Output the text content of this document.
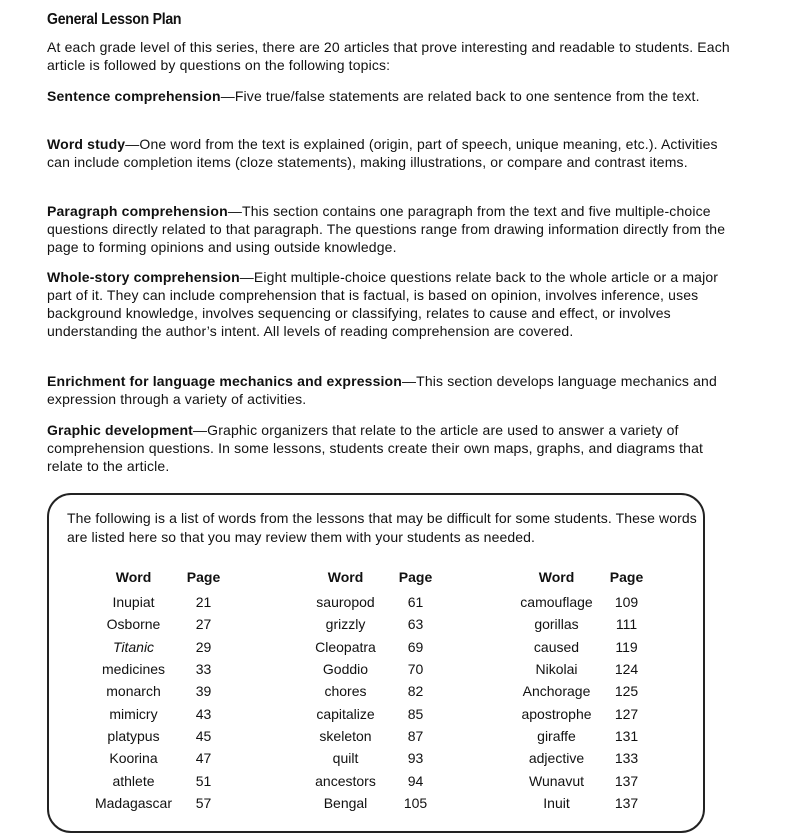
General Lesson Plan
At each grade level of this series, there are 20 articles that prove interesting and readable to students. Each article is followed by questions on the following topics:
Sentence comprehension—Five true/false statements are related back to one sentence from the text.
Word study—One word from the text is explained (origin, part of speech, unique meaning, etc.). Activities can include completion items (cloze statements), making illustrations, or compare and contrast items.
Paragraph comprehension—This section contains one paragraph from the text and five multiple-choice questions directly related to that paragraph. The questions range from drawing information directly from the page to forming opinions and using outside knowledge.
Whole-story comprehension—Eight multiple-choice questions relate back to the whole article or a major part of it. They can include comprehension that is factual, is based on opinion, involves inference, uses background knowledge, involves sequencing or classifying, relates to cause and effect, or involves understanding the author’s intent. All levels of reading comprehension are covered.
Enrichment for language mechanics and expression—This section develops language mechanics and expression through a variety of activities.
Graphic development—Graphic organizers that relate to the article are used to answer a variety of comprehension questions. In some lessons, students create their own maps, graphs, and diagrams that relate to the article.
The following is a list of words from the lessons that may be difficult for some students. These words are listed here so that you may review them with your students as needed.
Word	Page
Inupiat	21
Osborne	27
Titanic	29
medicines	33
monarch	39
mimicry	43
platypus	45
Koorina	47
athlete	51
Madagascar	57
Word	Page
sauropod	61
grizzly	63
Cleopatra	69
Goddio	70
chores	82
capitalize	85
skeleton	87
quilt	93
ancestors	94
Bengal	105
Word	Page
camouflage	109
gorillas	111
caused	119
Nikolai	124
Anchorage	125
apostrophe	127
giraffe	131
adjective	133
Wunavut	137
Inuit	137
